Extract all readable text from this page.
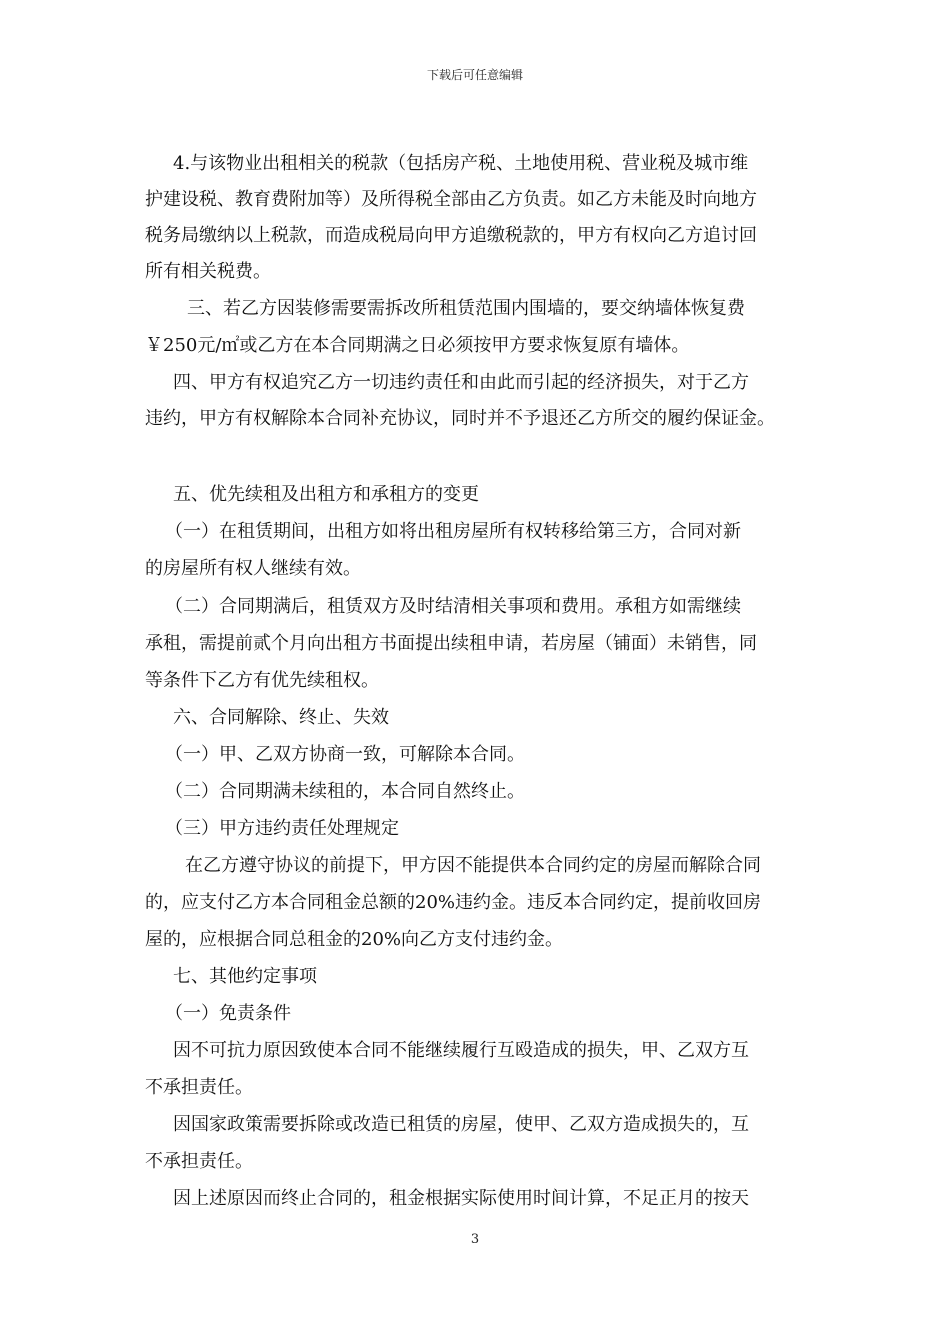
下载后可任意编辑
4.与该物业出租相关的税款（包括房产税、土地使用税、营业税及城市维
护建设税、教育费附加等）及所得税全部由乙方负责。如乙方未能及时向地方
税务局缴纳以上税款，而造成税局向甲方追缴税款的，甲方有权向乙方追讨回
所有相关税费。
三、若乙方因装修需要需拆改所租赁范围内围墙的，要交纳墙体恢复费
￥250元/㎡或乙方在本合同期满之日必须按甲方要求恢复原有墙体。
四、甲方有权追究乙方一切违约责任和由此而引起的经济损失，对于乙方
违约，甲方有权解除本合同补充协议，同时并不予退还乙方所交的履约保证金。
五、优先续租及出租方和承租方的变更
（一）在租赁期间，出租方如将出租房屋所有权转移给第三方，合同对新
的房屋所有权人继续有效。
（二）合同期满后，租赁双方及时结清相关事项和费用。承租方如需继续
承租，需提前贰个月向出租方书面提出续租申请，若房屋（铺面）未销售，同
等条件下乙方有优先续租权。
六、合同解除、终止、失效
（一）甲、乙双方协商一致，可解除本合同。
（二）合同期满未续租的，本合同自然终止。
（三）甲方违约责任处理规定
在乙方遵守协议的前提下，甲方因不能提供本合同约定的房屋而解除合同
的，应支付乙方本合同租金总额的20%违约金。违反本合同约定，提前收回房
屋的，应根据合同总租金的20%向乙方支付违约金。
七、其他约定事项
（一）免责条件
因不可抗力原因致使本合同不能继续履行互殴造成的损失，甲、乙双方互
不承担责任。
因国家政策需要拆除或改造已租赁的房屋，使甲、乙双方造成损失的，互
不承担责任。
因上述原因而终止合同的，租金根据实际使用时间计算，不足正月的按天
3
